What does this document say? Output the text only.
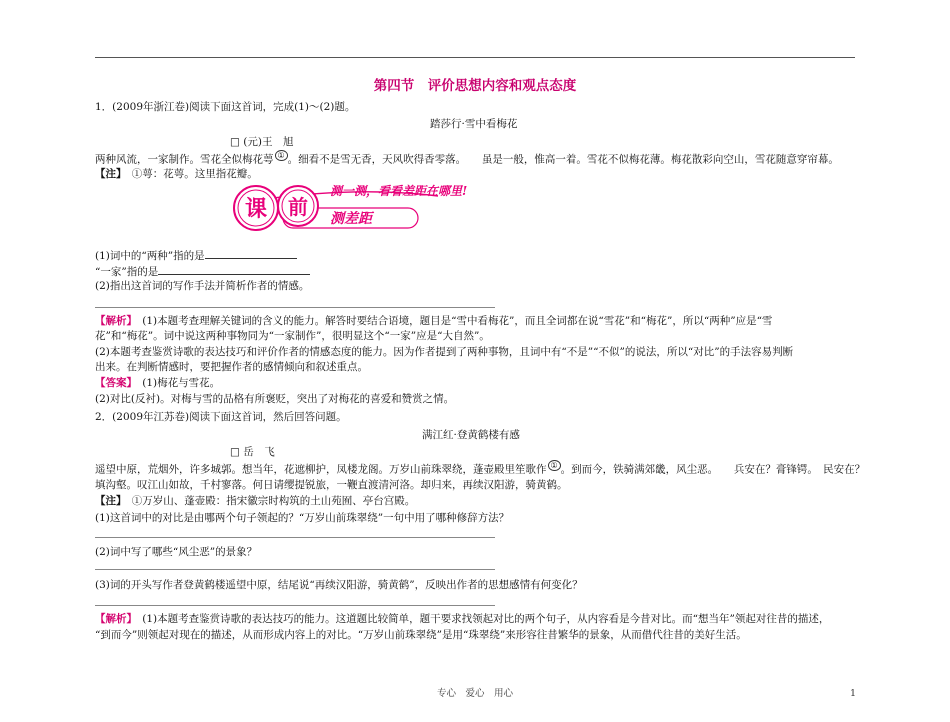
第四节　评价思想内容和观点态度
1．(2009年浙江卷)阅读下面这首词，完成(1)～(2)题。
踏莎行·雪中看梅花
□ (元)王　旭
两种风流，一家制作。雪花全似梅花萼 ① 。细看不是雪无香，天风吹得香零落。　　虽是一般，惟高一着。雪花不似梅花薄。梅花散彩向空山，雪花随意穿帘幕。
【注】　①萼：花萼。这里指花瓣。
课 前
测一测，看看差距在哪里!
测差距
(1)词中的“两种”指的是
“一家”指的是
(2)指出这首词的写作手法并简析作者的情感。
【解析】　(1)本题考查理解关键词的含义的能力。解答时要结合语境，题目是“雪中看梅花”，而且全词都在说“雪花”和“梅花”，所以“两种”应是“雪
花”和“梅花”。词中说这两种事物同为“一家制作”，很明显这个“一家”应是“大自然”。
(2)本题考查鉴赏诗歌的表达技巧和评价作者的情感态度的能力。因为作者提到了两种事物，且词中有“不是”“不似”的说法，所以“对比”的手法容易判断
出来。在判断情感时，要把握作者的感情倾向和叙述重点。
【答案】　(1)梅花与雪花。
(2)对比(反衬)。对梅与雪的品格有所褒贬，突出了对梅花的喜爱和赞赏之情。
2．(2009年江苏卷)阅读下面这首词，然后回答问题。
满江红·登黄鹤楼有感
□ 岳　飞
遥望中原，荒烟外，许多城郭。想当年，花遮柳护，凤楼龙阁。万岁山前珠翠绕，蓬壶殿里笙歌作 ① 。到而今，铁骑满郊畿，风尘恶。　　兵安在？膏锋锷。　民安在？
填沟壑。叹江山如故，千村寥落。何日请缨提锐旅，一鞭直渡清河洛。却归来，再续汉阳游，骑黄鹤。
【注】　①万岁山、蓬壶殿：指宋徽宗时构筑的土山苑囿、亭台宫殿。
(1)这首词中的对比是由哪两个句子领起的？“万岁山前珠翠绕”一句中用了哪种修辞方法？
(2)词中写了哪些“风尘恶”的景象？
(3)词的开头写作者登黄鹤楼遥望中原，结尾说“再续汉阳游，骑黄鹤”，反映出作者的思想感情有何变化？
【解析】　(1)本题考查鉴赏诗歌的表达技巧的能力。这道题比较简单，题干要求找领起对比的两个句子，从内容看是今昔对比。而“想当年”领起对往昔的描述，
“到而今”则领起对现在的描述，从而形成内容上的对比。“万岁山前珠翠绕”是用“珠翠绕”来形容往昔繁华的景象，从而借代往昔的美好生活。
专心　爱心　用心	1
